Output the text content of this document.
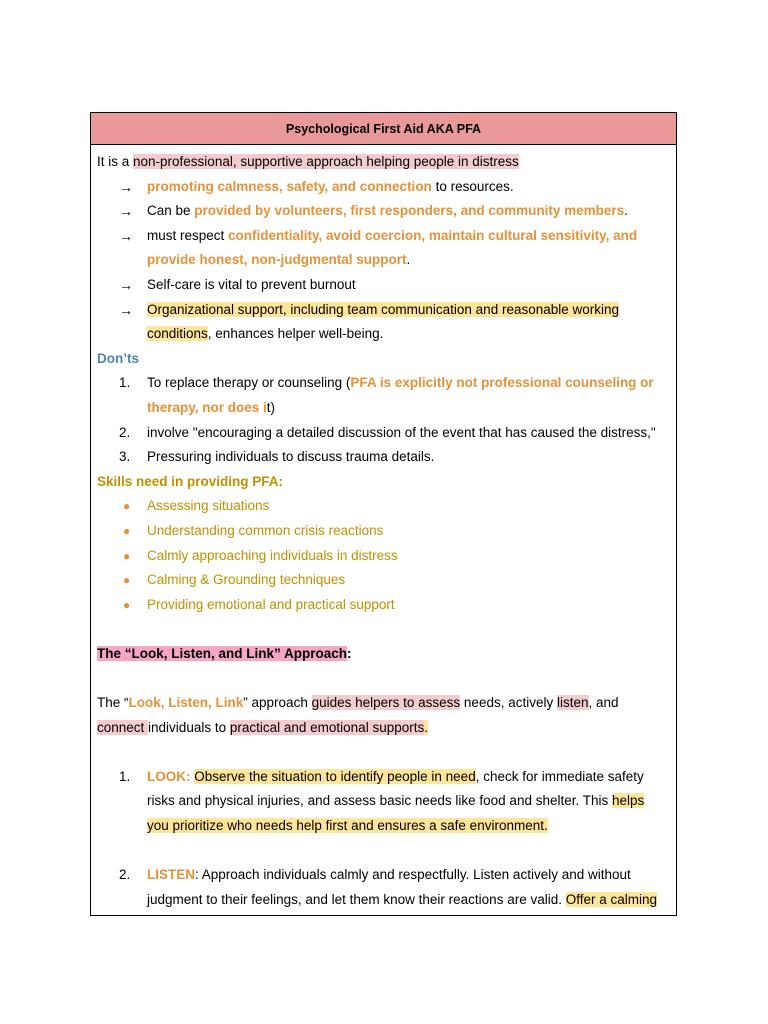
Psychological First Aid AKA PFA
It is a non-professional, supportive approach helping people in distress
→ promoting calmness, safety, and connection to resources.
→ Can be provided by volunteers, first responders, and community members.
→ must respect confidentiality, avoid coercion, maintain cultural sensitivity, and
provide honest, non-judgmental support.
→ Self-care is vital to prevent burnout
→ Organizational support, including team communication and reasonable working
conditions, enhances helper well-being.
Don’ts
1. To replace therapy or counseling (PFA is explicitly not professional counseling or
therapy, nor does it)
2. involve "encouraging a detailed discussion of the event that has caused the distress,"
3. Pressuring individuals to discuss trauma details.
Skills need in providing PFA:
● Assessing situations
● Understanding common crisis reactions
● Calmly approaching individuals in distress
● Calming & Grounding techniques
● Providing emotional and practical support
The “Look, Listen, and Link” Approach:
The “Look, Listen, Link” approach guides helpers to assess needs, actively listen, and
connect individuals to practical and emotional supports.
1. LOOK: Observe the situation to identify people in need, check for immediate safety
risks and physical injuries, and assess basic needs like food and shelter. This helps
you prioritize who needs help first and ensures a safe environment.
2. LISTEN: Approach individuals calmly and respectfully. Listen actively and without
judgment to their feelings, and let them know their reactions are valid. Offer a calming
